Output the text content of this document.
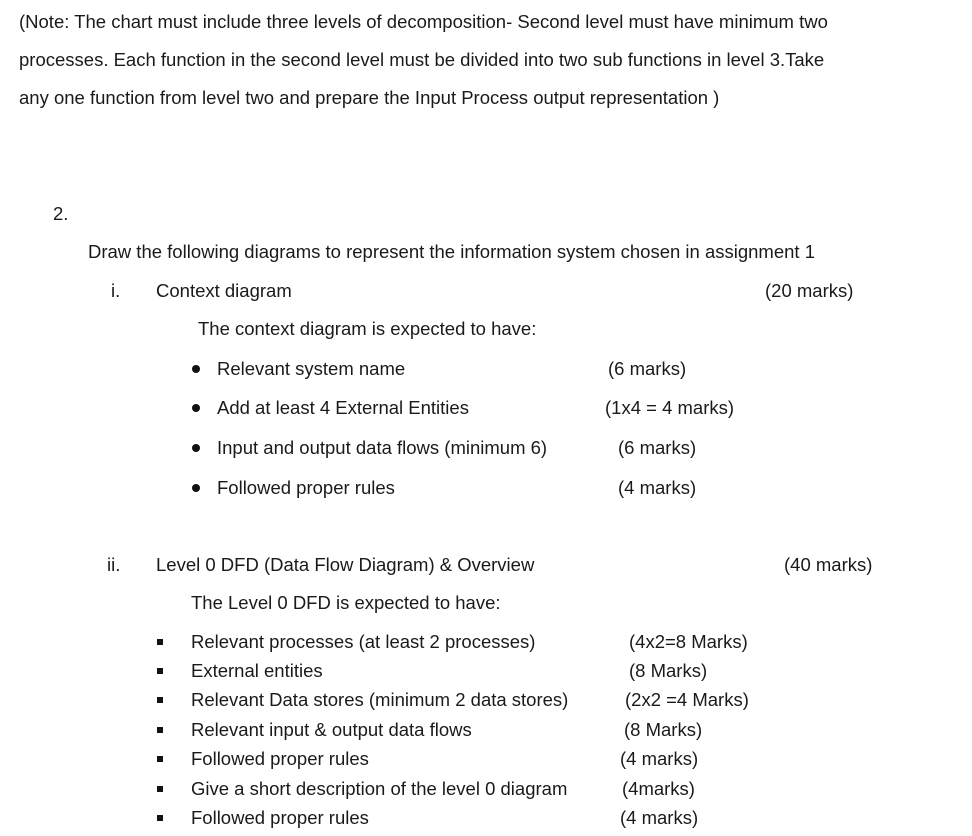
(Note: The chart must include three levels of decomposition- Second level must have minimum two
processes. Each function in the second level must be divided into two sub functions in level 3.Take
any one function from level two and prepare the Input Process output representation )
2.
Draw the following diagrams to represent the information system chosen in assignment 1
i. Context diagram	(20 marks)
The context diagram is expected to have:
Relevant system name	(6 marks)
Add at least 4 External Entities	(1x4 = 4 marks)
Input and output data flows (minimum 6)	(6 marks)
Followed proper rules	(4 marks)
ii. Level 0 DFD (Data Flow Diagram) & Overview	(40 marks)
The Level 0 DFD is expected to have:
Relevant processes (at least 2 processes)	(4x2=8 Marks)
External entities	(8 Marks)
Relevant Data stores (minimum 2 data stores)	(2x2 =4 Marks)
Relevant input & output data flows	(8 Marks)
Followed proper rules	(4 marks)
Give a short description of the level 0 diagram	(4marks)
Followed proper rules	(4 marks)
